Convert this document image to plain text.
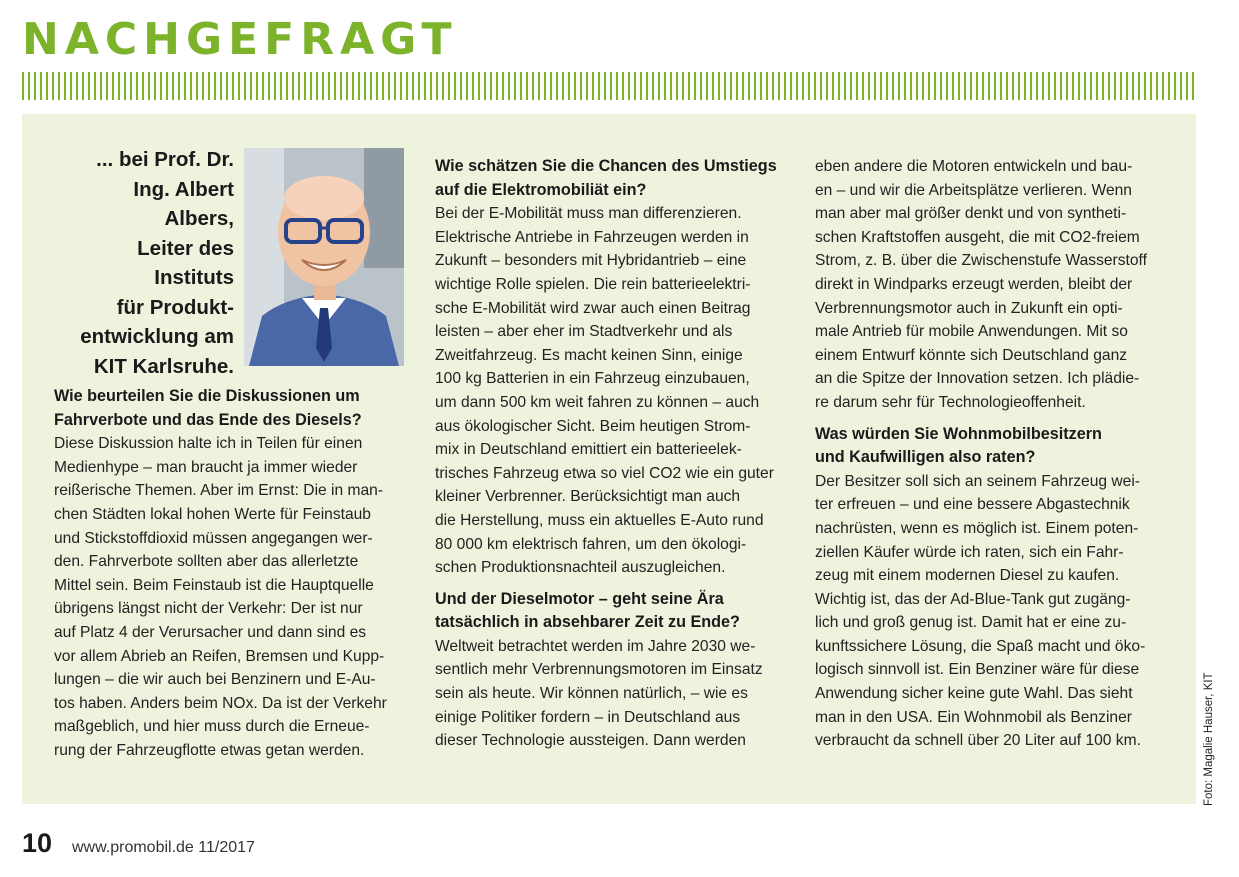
NACHGEFRAGT
... bei Prof. Dr.
Ing. Albert Albers,
Leiter des Instituts
für Produkt-
entwicklung am
KIT Karlsruhe.
Wie beurteilen Sie die Diskussionen um
Fahrverbote und das Ende des Diesels?

Diese Diskussion halte ich in Teilen für einen
Medienhype – man braucht ja immer wieder
reißerische Themen. Aber im Ernst: Die in man-
chen Städten lokal hohen Werte für Feinstaub
und Stickstoffdioxid müssen angegangen wer-
den. Fahrverbote sollten aber das allerletzte
Mittel sein. Beim Feinstaub ist die Hauptquelle
übrigens längst nicht der Verkehr: Der ist nur
auf Platz 4 der Verursacher und dann sind es
vor allem Abrieb an Reifen, Bremsen und Kupp-
lungen – die wir auch bei Benzinern und E-Au-
tos haben. Anders beim NOx. Da ist der Verkehr
maßgeblich, und hier muss durch die Erneue-
rung der Fahrzeugflotte etwas getan werden.

Wie schätzen Sie die Chancen des Umstiegs
auf die Elektromobiliät ein?

Bei der E-Mobilität muss man differenzieren.
Elektrische Antriebe in Fahrzeugen werden in
Zukunft – besonders mit Hybridantrieb – eine
wichtige Rolle spielen. Die rein batterieelektri-
sche E-Mobilität wird zwar auch einen Beitrag
leisten – aber eher im Stadtverkehr und als
Zweitfahrzeug. Es macht keinen Sinn, einige
100 kg Batterien in ein Fahrzeug einzubauen,
um dann 500 km weit fahren zu können – auch
aus ökologischer Sicht. Beim heutigen Strom-
mix in Deutschland emittiert ein batterieelek-
trisches Fahrzeug etwa so viel CO2 wie ein guter
kleiner Verbrenner. Berücksichtigt man auch
die Herstellung, muss ein aktuelles E-Auto rund
80 000 km elektrisch fahren, um den ökologi-
schen Produktionsnachteil auszugleichen.

Und der Dieselmotor – geht seine Ära
tatsächlich in absehbarer Zeit zu Ende?

Weltweit betrachtet werden im Jahre 2030 we-
sentlich mehr Verbrennungsmotoren im Einsatz
sein als heute. Wir können natürlich, – wie es
einige Politiker fordern – in Deutschland aus
dieser Technologie aussteigen. Dann werden

eben andere die Motoren entwickeln und bau-
en – und wir die Arbeitsplätze verlieren. Wenn
man aber mal größer denkt und von syntheti-
schen Kraftstoffen ausgeht, die mit CO2-freiem
Strom, z. B. über die Zwischenstufe Wasserstoff
direkt in Windparks erzeugt werden, bleibt der
Verbrennungsmotor auch in Zukunft ein opti-
male Antrieb für mobile Anwendungen. Mit so
einem Entwurf könnte sich Deutschland ganz
an die Spitze der Innovation setzen. Ich plädie-
re darum sehr für Technologieoffenheit.

Was würden Sie Wohnmobilbesitzern
und Kaufwilligen also raten?

Der Besitzer soll sich an seinem Fahrzeug wei-
ter erfreuen – und eine bessere Abgastechnik
nachrüsten, wenn es möglich ist. Einem poten-
ziellen Käufer würde ich raten, sich ein Fahr-
zeug mit einem modernen Diesel zu kaufen.
Wichtig ist, das der Ad-Blue-Tank gut zugäng-
lich und groß genug ist. Damit hat er eine zu-
kunftssichere Lösung, die Spaß macht und öko-
logisch sinnvoll ist. Ein Benziner wäre für diese
Anwendung sicher keine gute Wahl. Das sieht
man in den USA. Ein Wohnmobil als Benziner
verbraucht da schnell über 20 Liter auf 100 km.	Foto: Magalie Hauser, KIT
10 www.promobil.de 11/2017
